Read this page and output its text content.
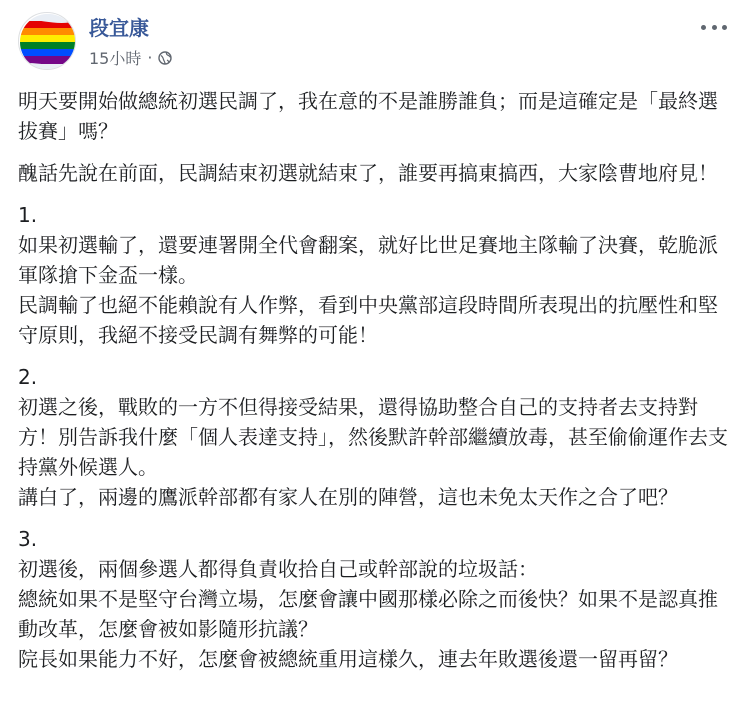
段宜康
15小時 ·

明天要開始做總統初選民調了，我在意的不是誰勝誰負；而是這確定是「最終選拔賽」嗎？

醜話先說在前面，民調結束初選就結束了，誰要再搞東搞西，大家陰曹地府見！

1.
如果初選輸了，還要連署開全代會翻案，就好比世足賽地主隊輸了決賽，乾脆派軍隊搶下金盃一樣。
民調輸了也絕不能賴說有人作弊，看到中央黨部這段時間所表現出的抗壓性和堅守原則，我絕不接受民調有舞弊的可能！

2.
初選之後，戰敗的一方不但得接受結果，還得協助整合自己的支持者去支持對方！別告訴我什麼「個人表達支持」，然後默許幹部繼續放毒，甚至偷偷運作去支持黨外候選人。
講白了，兩邊的鷹派幹部都有家人在別的陣營，這也未免太天作之合了吧？

3.
初選後，兩個參選人都得負責收拾自己或幹部說的垃圾話：
總統如果不是堅守台灣立場，怎麼會讓中國那樣必除之而後快？如果不是認真推動改革，怎麼會被如影隨形抗議？
院長如果能力不好，怎麼會被總統重用這樣久，連去年敗選後還一留再留？
